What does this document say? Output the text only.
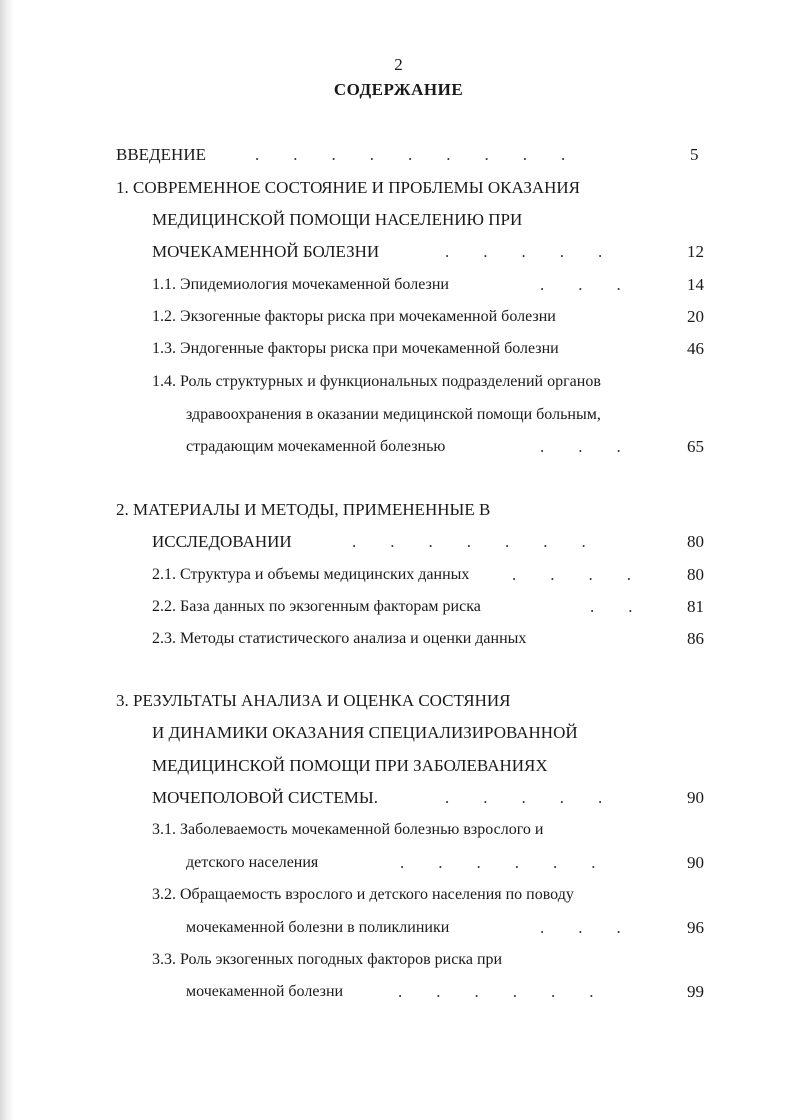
2
СОДЕРЖАНИЕ
ВВЕДЕНИЕ	.        .        .        .        .        .        .        .        .	5
1. СОВРЕМЕННОЕ СОСТОЯНИЕ И ПРОБЛЕМЫ ОКАЗАНИЯ
МЕДИЦИНСКОЙ ПОМОЩИ НАСЕЛЕНИЮ ПРИ
МОЧЕКАМЕННОЙ БОЛЕЗНИ	.        .        .        .        .	12
1.1. Эпидемиология мочекаменной болезни	.        .        .	14
1.2. Экзогенные факторы риска при мочекаменной болезни	20
1.3. Эндогенные факторы риска при мочекаменной болезни	46
1.4. Роль структурных и функциональных подразделений органов
здравоохранения в оказании медицинской помощи больным,
страдающим мочекаменной болезнью	.        .        .	65
2. МАТЕРИАЛЫ И МЕТОДЫ, ПРИМЕНЕННЫЕ В
ИССЛЕДОВАНИИ	.        .        .        .        .        .        .	80
2.1. Структура и объемы медицинских данных	.        .        .        .	80
2.2. База данных по экзогенным факторам риска	.        .	81
2.3. Методы статистического анализа и оценки данных	86
3. РЕЗУЛЬТАТЫ АНАЛИЗА И ОЦЕНКА СОСТЯНИЯ
И ДИНАМИКИ ОКАЗАНИЯ СПЕЦИАЛИЗИРОВАННОЙ
МЕДИЦИНСКОЙ ПОМОЩИ ПРИ ЗАБОЛЕВАНИЯХ
МОЧЕПОЛОВОЙ СИСТЕМЫ.	.        .        .        .        .	90
3.1. Заболеваемость мочекаменной болезнью взрослого и
детского населения	.        .        .        .        .        .	90
3.2. Обращаемость взрослого и детского населения по поводу
мочекаменной болезни в поликлиники	.        .        .	96
3.3. Роль экзогенных погодных факторов риска при
мочекаменной болезни	.        .        .        .        .        .	99
